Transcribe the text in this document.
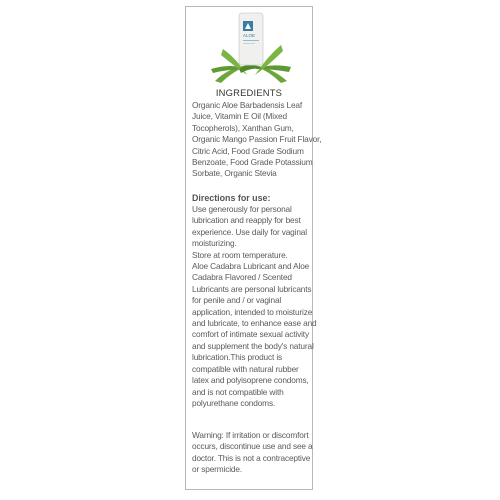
ALOE
INGREDIENTS
Organic Aloe Barbadensis Leaf
Juice, Vitamin E Oil (Mixed
Tocopherols), Xanthan Gum,
Organic Mango Passion Fruit Flavor,
Citric Acid, Food Grade Sodium
Benzoate, Food Grade Potassium
Sorbate, Organic Stevia
Directions for use:
Use generously for personal
lubrication and reapply for best
experience. Use daily for vaginal
moisturizing.
Store at room temperature.
Aloe Cadabra Lubricant and Aloe
Cadabra Flavored / Scented
Lubricants are personal lubricants
for penile and / or vaginal
application, intended to moisturize
and lubricate, to enhance ease and
comfort of intimate sexual activity
and supplement the body's natural
lubrication.This product is
compatible with natural rubber
latex and polyisoprene condoms,
and is not compatible with
polyurethane condoms.
Warning: If irritation or discomfort
occurs, discontinue use and see a
doctor. This is not a contraceptive
or spermicide.
